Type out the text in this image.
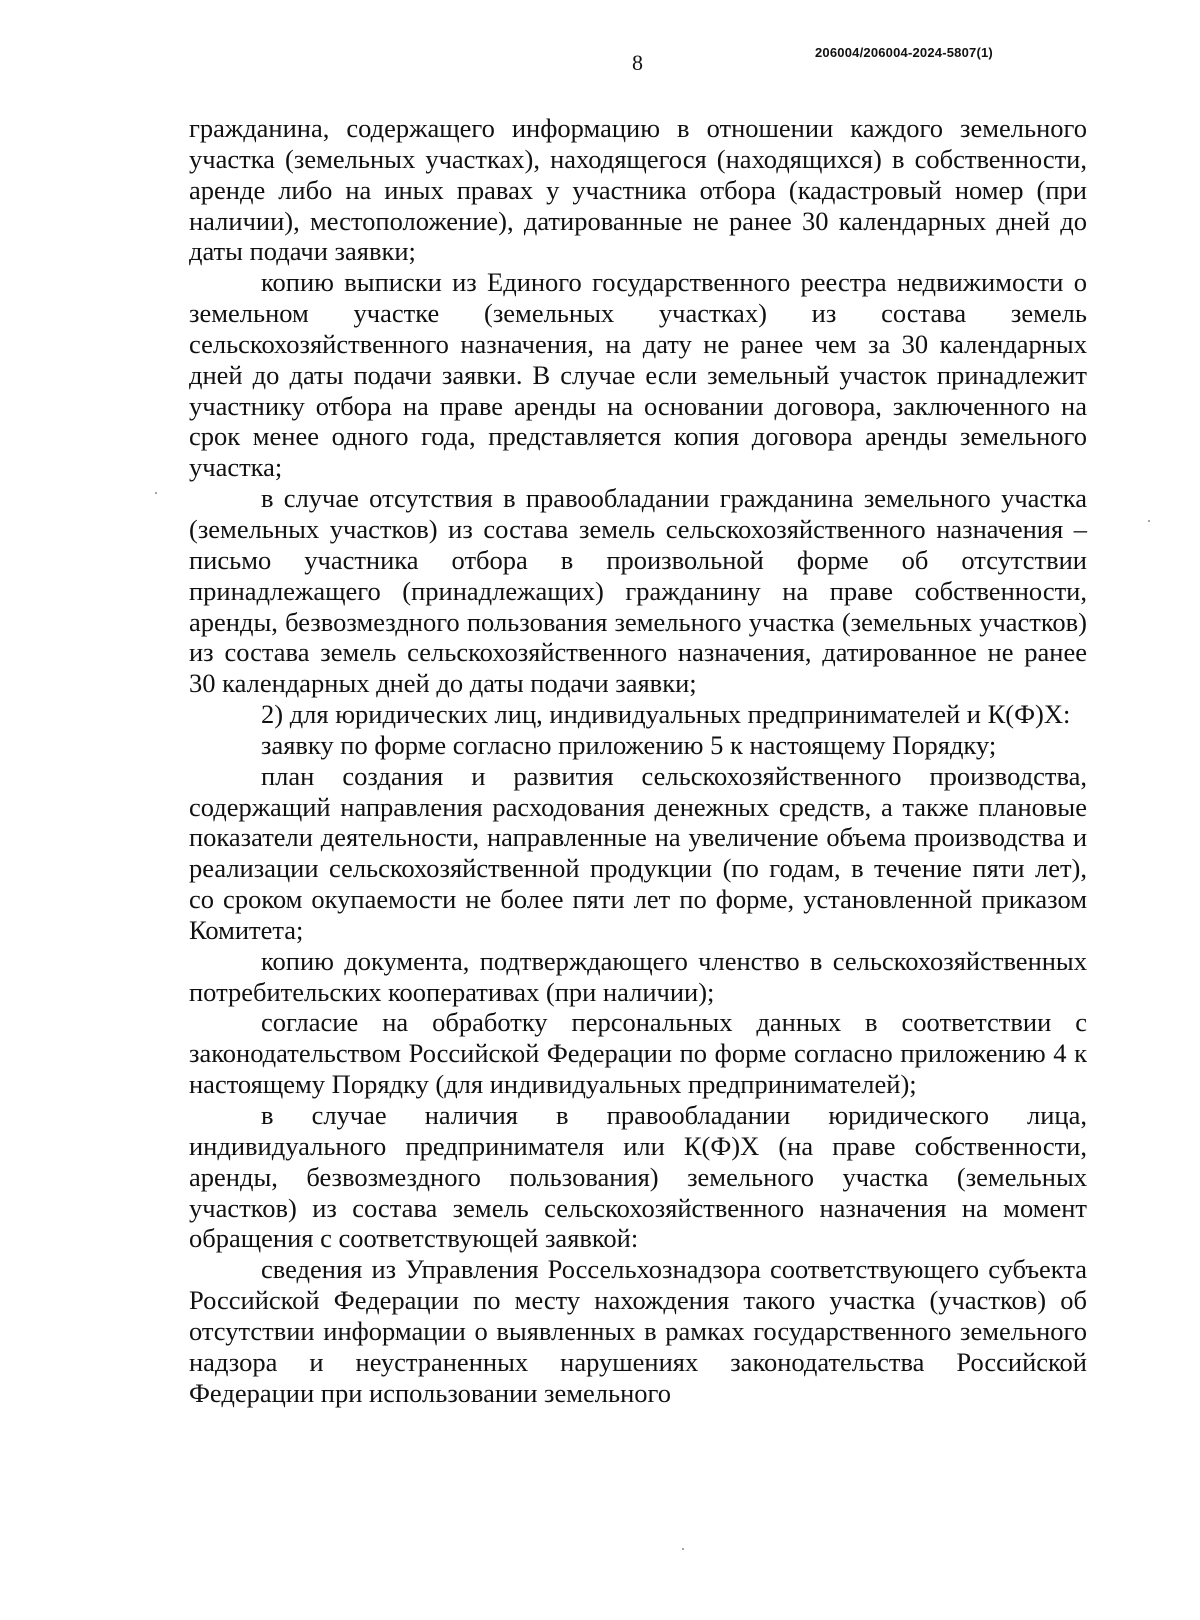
8	206004/206004-2024-5807(1)

гражданина, содержащего информацию в отношении каждого земельного участка (земельных участках), находящегося (находящихся) в собственности, аренде либо на иных правах у участника отбора (кадастровый номер (при наличии), местоположение), датированные не ранее 30 календарных дней до даты подачи заявки;

копию выписки из Единого государственного реестра недвижимости о земельном участке (земельных участках) из состава земель сельскохозяйственного назначения, на дату не ранее чем за 30 календарных дней до даты подачи заявки. В случае если земельный участок принадлежит участнику отбора на праве аренды на основании договора, заключенного на срок менее одного года, представляется копия договора аренды земельного участка;

в случае отсутствия в правообладании гражданина земельного участка (земельных участков) из состава земель сельскохозяйственного назначения – письмо участника отбора в произвольной форме об отсутствии принадлежащего (принадлежащих) гражданину на праве собственности, аренды, безвозмездного пользования земельного участка (земельных участков) из состава земель сельскохозяйственного назначения, датированное не ранее 30 календарных дней до даты подачи заявки;

2) для юридических лиц, индивидуальных предпринимателей и К(Ф)Х:

заявку по форме согласно приложению 5 к настоящему Порядку;

план создания и развития сельскохозяйственного производства, содержащий направления расходования денежных средств, а также плановые показатели деятельности, направленные на увеличение объема производства и реализации сельскохозяйственной продукции (по годам, в течение пяти лет), со сроком окупаемости не более пяти лет по форме, установленной приказом Комитета;

копию документа, подтверждающего членство в сельскохозяйственных потребительских кооперативах (при наличии);

согласие на обработку персональных данных в соответствии с законодательством Российской Федерации по форме согласно приложению 4 к настоящему Порядку (для индивидуальных предпринимателей);

в случае наличия в правообладании юридического лица, индивидуального предпринимателя или К(Ф)Х (на праве собственности, аренды, безвозмездного пользования) земельного участка (земельных участков) из состава земель сельскохозяйственного назначения на момент обращения с соответствующей заявкой:

сведения из Управления Россельхознадзора соответствующего субъекта Российской Федерации по месту нахождения такого участка (участков) об отсутствии информации о выявленных в рамках государственного земельного надзора и неустраненных нарушениях законодательства Российской Федерации при использовании земельного
